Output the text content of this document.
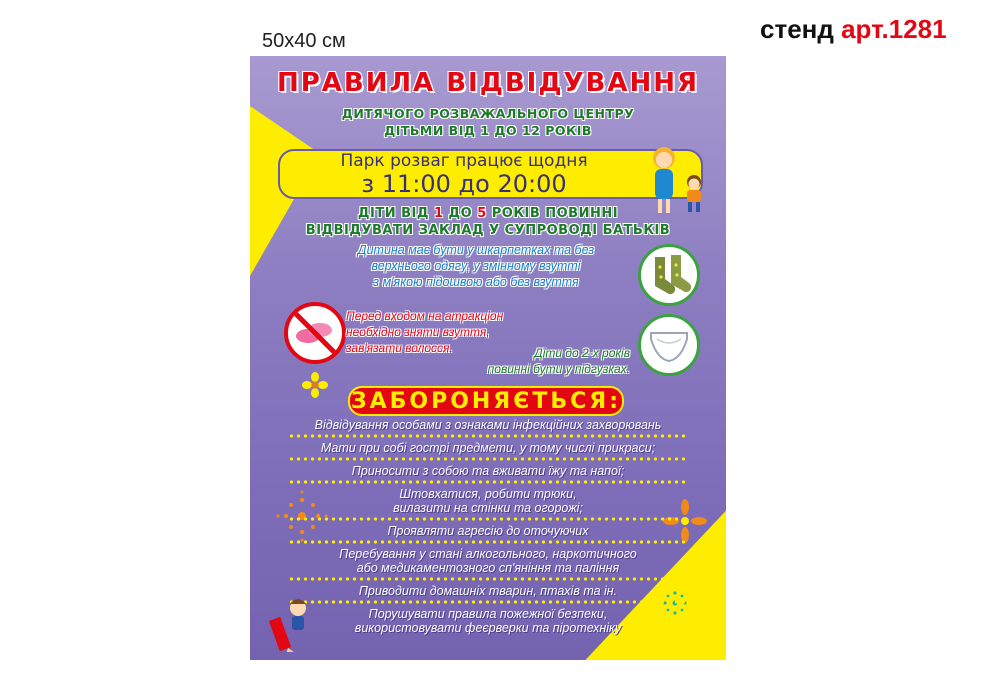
50х40 см	стенд арт.1281
ПРАВИЛА ВІДВІДУВАННЯ
ДИТЯЧОГО РОЗВАЖАЛЬНОГО ЦЕНТРУ
ДІТЬМИ ВІД 1 ДО 12 РОКІВ
Парк розваг працює щодня
з 11:00 до 20:00
ДІТИ ВІД 1 ДО 5 РОКІВ ПОВИННІ
ВІДВІДУВАТИ ЗАКЛАД У СУПРОВОДІ БАТЬКІВ
Дитина має бути у шкарпетках та без
верхнього одягу, у змінному взутті
з м'якою підошвою або без взуття
Перед входом на атракціон
необхідно зняти взуття,
зав'язати волосся.	Діти до 2-х років
повинні бути у підгузках.
ЗАБОРОНЯЄТЬСЯ:
Відвідування особами з ознаками інфекційних захворювань
Мати при собі гострі предмети, у тому числі прикраси;
Приносити з собою та вживати їжу та напої;
Штовхатися, робити трюки,
вилазити на стінки та огорожі;
Проявляти агресію до оточуючих
Перебування у стані алкогольного, наркотичного
або медикаментозного сп'яніння та паління
Приводити домашніх тварин, птахів та ін.
Порушувати правила пожежної безпеки,
використовувати феєрверки та піротехніку
